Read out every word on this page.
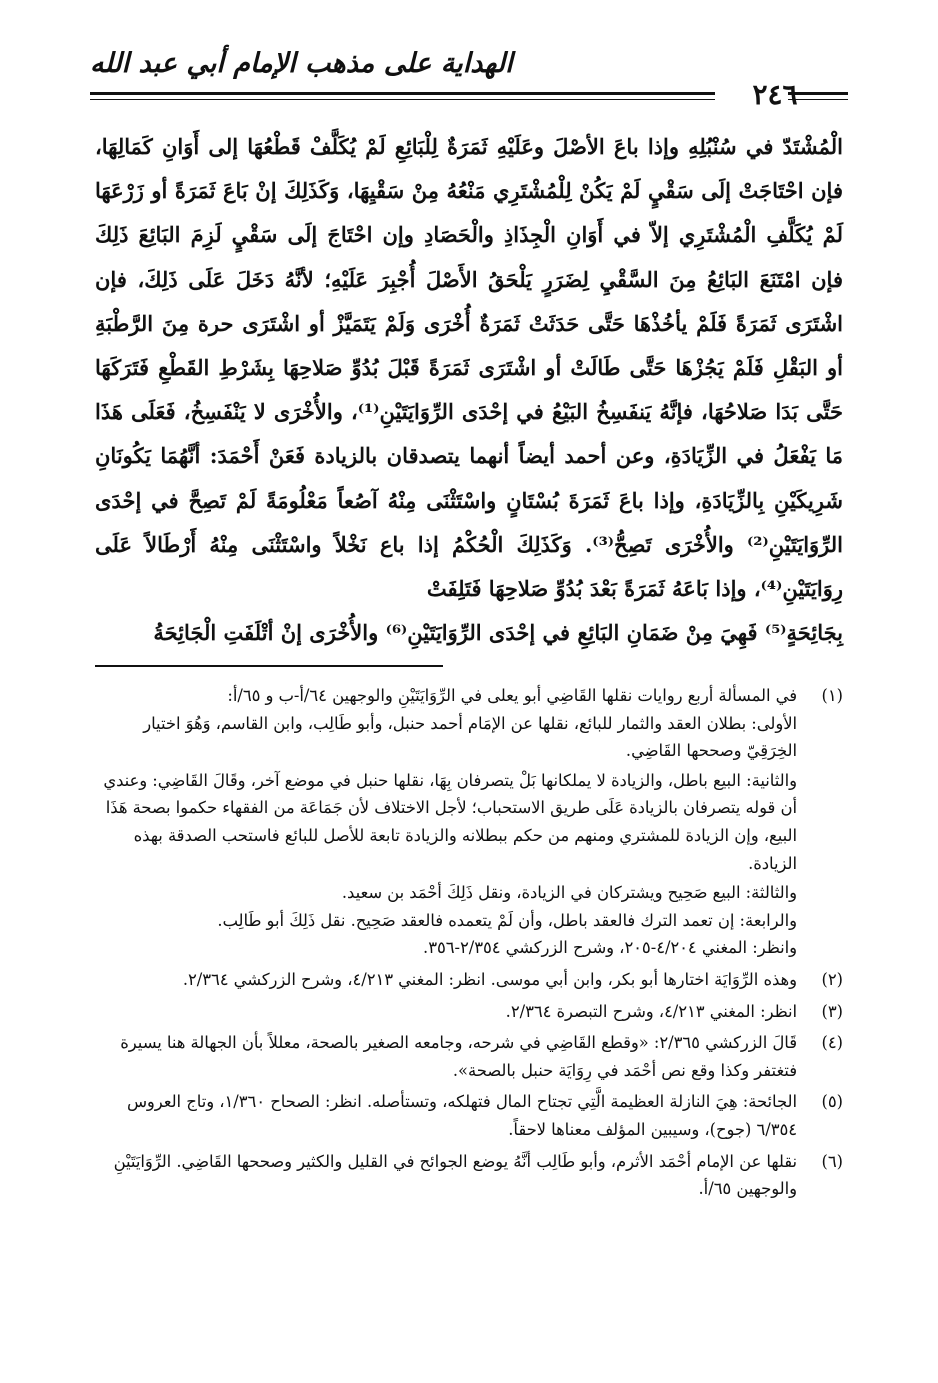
الهداية على مذهب الإمام أبي عبد الله
٢٤٦

الْمُشْتَدّ في سُنْبُلِهِ وإذا باعَ الأصْلَ وعَلَيْهِ ثَمَرَةٌ لِلْبَائِعِ لَمْ يُكَلَّفْ قَطْعُهَا إلى أَوَانِ كَمَالِهَا، فإن احْتَاجَتْ إلَى سَقْيٍ لَمْ يَكُنْ لِلْمُشْتَرِي مَنْعُهُ مِنْ سَقْيِهَا، وَكَذَلِكَ إنْ بَاعَ ثَمَرَةً أو زَرْعَهَا لَمْ يُكَلَّفِ الْمُشْتَرِي إلاّ في أَوَانِ الْجِذَاذِ والْحَصَادِ وإن احْتَاجَ إلَى سَقْيٍ لَزِمَ البَائِعَ ذَلِكَ فإن امْتَنَعَ البَائِعُ مِنَ السَّقْيِ لِضَرَرٍ يَلْحَقُ الأَصْلَ أُجْبِرَ عَلَيْهِ؛ لأنَّهُ دَخَلَ عَلَى ذَلِكَ، فإن اشْتَرَى ثَمَرَةً فَلَمْ يأخُذْهَا حَتَّى حَدَثَتْ ثَمَرَةٌ أُخْرَى وَلَمْ يَتَمَيَّزْ أو اشْتَرَى حرة مِنَ الرَّطْبَةِ أو البَقْلِ فَلَمْ يَجُزْهَا حَتَّى طَالَتْ أو اشْتَرَى ثَمَرَةً قَبْلَ بُدُوِّ صَلاحِهَا بِشَرْطِ القَطْعِ فَتَرَكَهَا حَتَّى بَدَا صَلاحُهَا، فإنَّهُ يَنفَسِخُ البَيْعُ في إحْدَى الرِّوَايَتَيْنِ⁽¹⁾، والأُخْرَى لا يَنْفَسِخُ، فَعَلَى هَذَا مَا يَفْعَلُ في الزِّيَادَةِ، وعن أحمد أيضاً أنهما يتصدقان بالزيادة فَعَنْ أَحْمَدَ: أنَّهُمَا يَكُونَانِ شَرِيكَيْنِ بِالزِّيَادَةِ، وإذا باعَ ثَمَرَةَ بُسْتَانٍ واسْتَثْنَى مِنْهُ آصُعاً مَعْلُومَةً لَمْ تَصِحَّ في إحْدَى الرِّوَايَتَيْنِ⁽²⁾ والأُخْرَى تَصِحُّ⁽³⁾. وَكَذَلِكَ الْحُكْمُ إذا باع نَخْلاً واسْتَثْنَى مِنْهُ أَرْطَالاً عَلَى رِوَايَتَيْنِ⁽⁴⁾، وإذا بَاعَهُ ثَمَرَةً بَعْدَ بُدُوِّ صَلاحِهَا فَتَلِفَتْ

بِجَائِحَةٍ⁽⁵⁾ فَهِيَ مِنْ ضَمَانِ البَائِعِ في إحْدَى الرِّوَايَتَيْنِ⁽⁶⁾ والأُخْرَى إنْ أتْلَفَتِ الْجَائِحَةُ

(١)

في المسألة أربع روايات نقلها القَاضِي أبو يعلى في الرِّوَايَتَيْنِ والوجهين ٦٤/أ-ب و ٦٥/أ:

الأولى: بطلان العقد والثمار للبائع، نقلها عن الإمَام أحمد حنبل، وأبو طَالِب، وابن القاسم، وَهُوَ اختيار الخِرَقِيّ وصححها القَاضِي.

والثانية: البيع باطل، والزيادة لا يملكانها بَلْ يتصرفان بِهَا، نقلها حنبل في موضع آخر، وقَالَ القَاضِي: وعندي أن قوله يتصرفان بالزيادة عَلَى طريق الاستحباب؛ لأجل الاختلاف لأن جَمَاعَة من الفقهاء حكموا بصحة هَذَا البيع، وإن الزيادة للمشتري ومنهم من حكم ببطلانه والزيادة تابعة للأصل للبائع فاستحب الصدقة بهذه الزيادة.

والثالثة: البيع صَحِيح ويشتركان في الزيادة، ونقل ذَلِكَ أحْمَد بن سعيد.

والرابعة: إن تعمد الترك فالعقد باطل، وأن لَمْ يتعمده فالعقد صَحِيح. نقل ذَلِكَ أبو طَالِب.

وانظر: المغني ٤/٢٠٤-٢٠٥، وشرح الزركشي ٢/٣٥٤-٣٥٦.

(٢)

وهذه الرِّوَايَة اختارها أبو بكر، وابن أبي موسى. انظر: المغني ٤/٢١٣، وشرح الزركشي ٢/٣٦٤.

(٣)

انظر: المغني ٤/٢١٣، وشرح التبصرة ٢/٣٦٤.

(٤)

قَالَ الزركشي ٢/٣٦٥: «وقطع القَاضِي في شرحه، وجامعه الصغير بالصحة، معللاً بأن الجهالة هنا يسيرة فتغتفر وكذا وقع نص أحْمَد في رِوَايَة حنبل بالصحة».

(٥)

الجائحة: هِيَ النازلة العظيمة الَّتِي تجتاح المال فتهلكه، وتستأصله. انظر: الصحاح ١/٣٦٠، وتاج العروس ٦/٣٥٤ (جوح)، وسيبين المؤلف معناها لاحقاً.

(٦)

نقلها عن الإمام أحْمَد الأثرم، وأبو طَالِب أنَّهُ يوضع الجوائح في القليل والكثير وصححها القَاضِي. الرِّوَايَتَيْنِ والوجهين ٦٥/أ.
